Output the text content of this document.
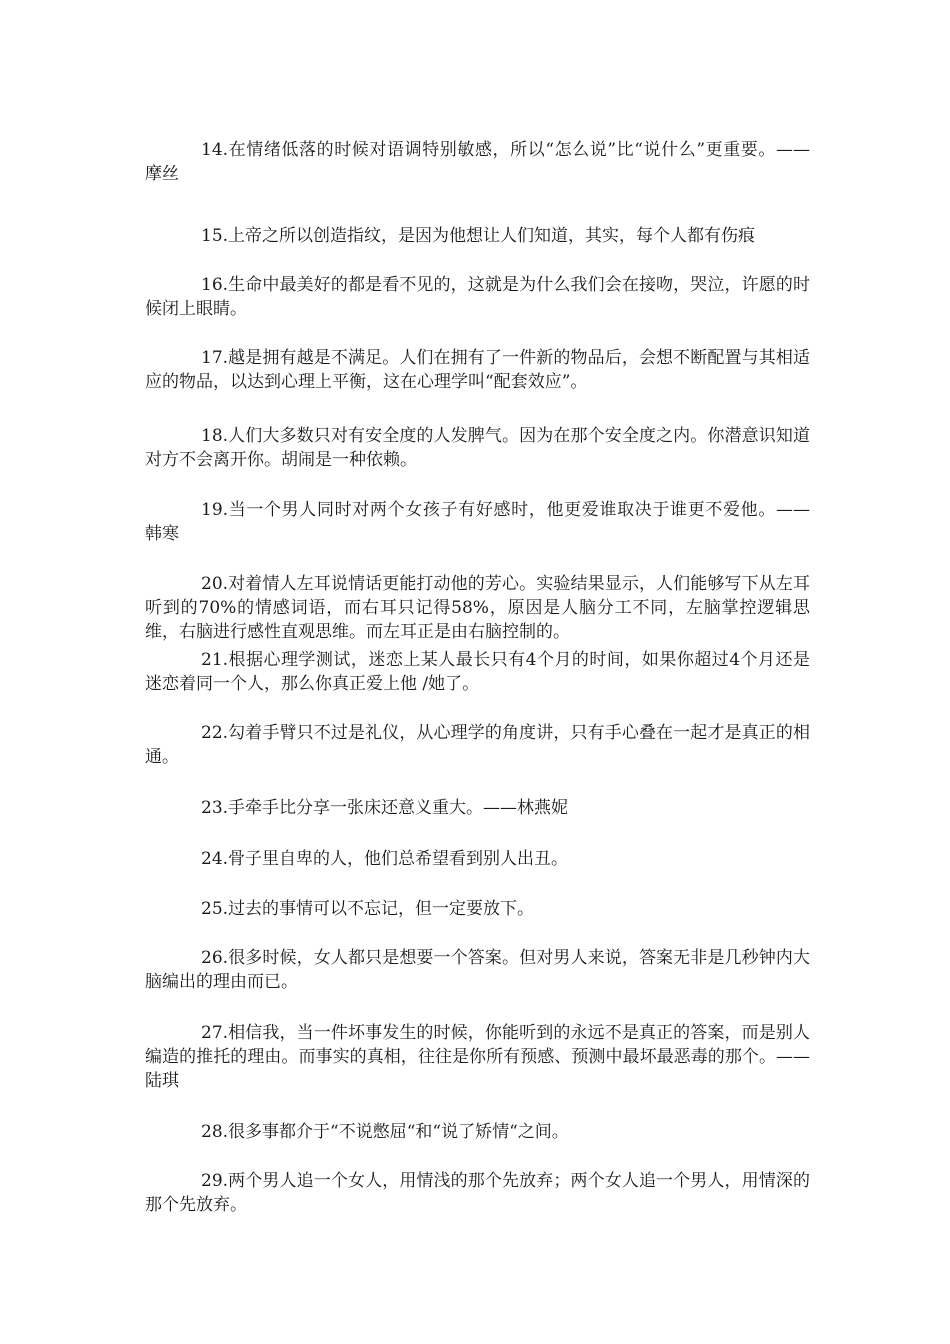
14.在情绪低落的时候对语调特别敏感，所以“怎么说”比“说什么”更重要。—— 摩丝

15.上帝之所以创造指纹，是因为他想让人们知道，其实，每个人都有伤痕

16.生命中最美好的都是看不见的，这就是为什么我们会在接吻，哭泣，许愿的时候闭上眼睛。

17.越是拥有越是不满足。人们在拥有了一件新的物品后，会想不断配置与其相适应的物品，以达到心理上平衡，这在心理学叫“配套效应”。

18.人们大多数只对有安全度的人发脾气。因为在那个安全度之内。你潜意识知道对方不会离开你。胡闹是一种依赖。

19.当一个男人同时对两个女孩子有好感时，他更爱谁取决于谁更不爱他。—— 韩寒

20.对着情人左耳说情话更能打动他的芳心。实验结果显示，人们能够写下从左耳听到的70%的情感词语，而右耳只记得58%，原因是人脑分工不同，左脑掌控逻辑思维，右脑进行感性直观思维。而左耳正是由右脑控制的。

21.根据心理学测试，迷恋上某人最长只有4个月的时间，如果你超过4个月还是迷恋着同一个人，那么你真正爱上他 /她了。

22.勾着手臂只不过是礼仪，从心理学的角度讲，只有手心叠在一起才是真正的相通。

23.手牵手比分享一张床还意义重大。——林燕妮

24.骨子里自卑的人，他们总希望看到别人出丑。

25.过去的事情可以不忘记，但一定要放下。

26.很多时候，女人都只是想要一个答案。但对男人来说，答案无非是几秒钟内大脑编出的理由而已。

27.相信我，当一件坏事发生的时候，你能听到的永远不是真正的答案，而是别人编造的推托的理由。而事实的真相，往往是你所有预感、预测中最坏最恶毒的那个。——陆琪

28.很多事都介于“不说憋屈“和“说了矫情“之间。

29.两个男人追一个女人，用情浅的那个先放弃；两个女人追一个男人，用情深的那个先放弃。
